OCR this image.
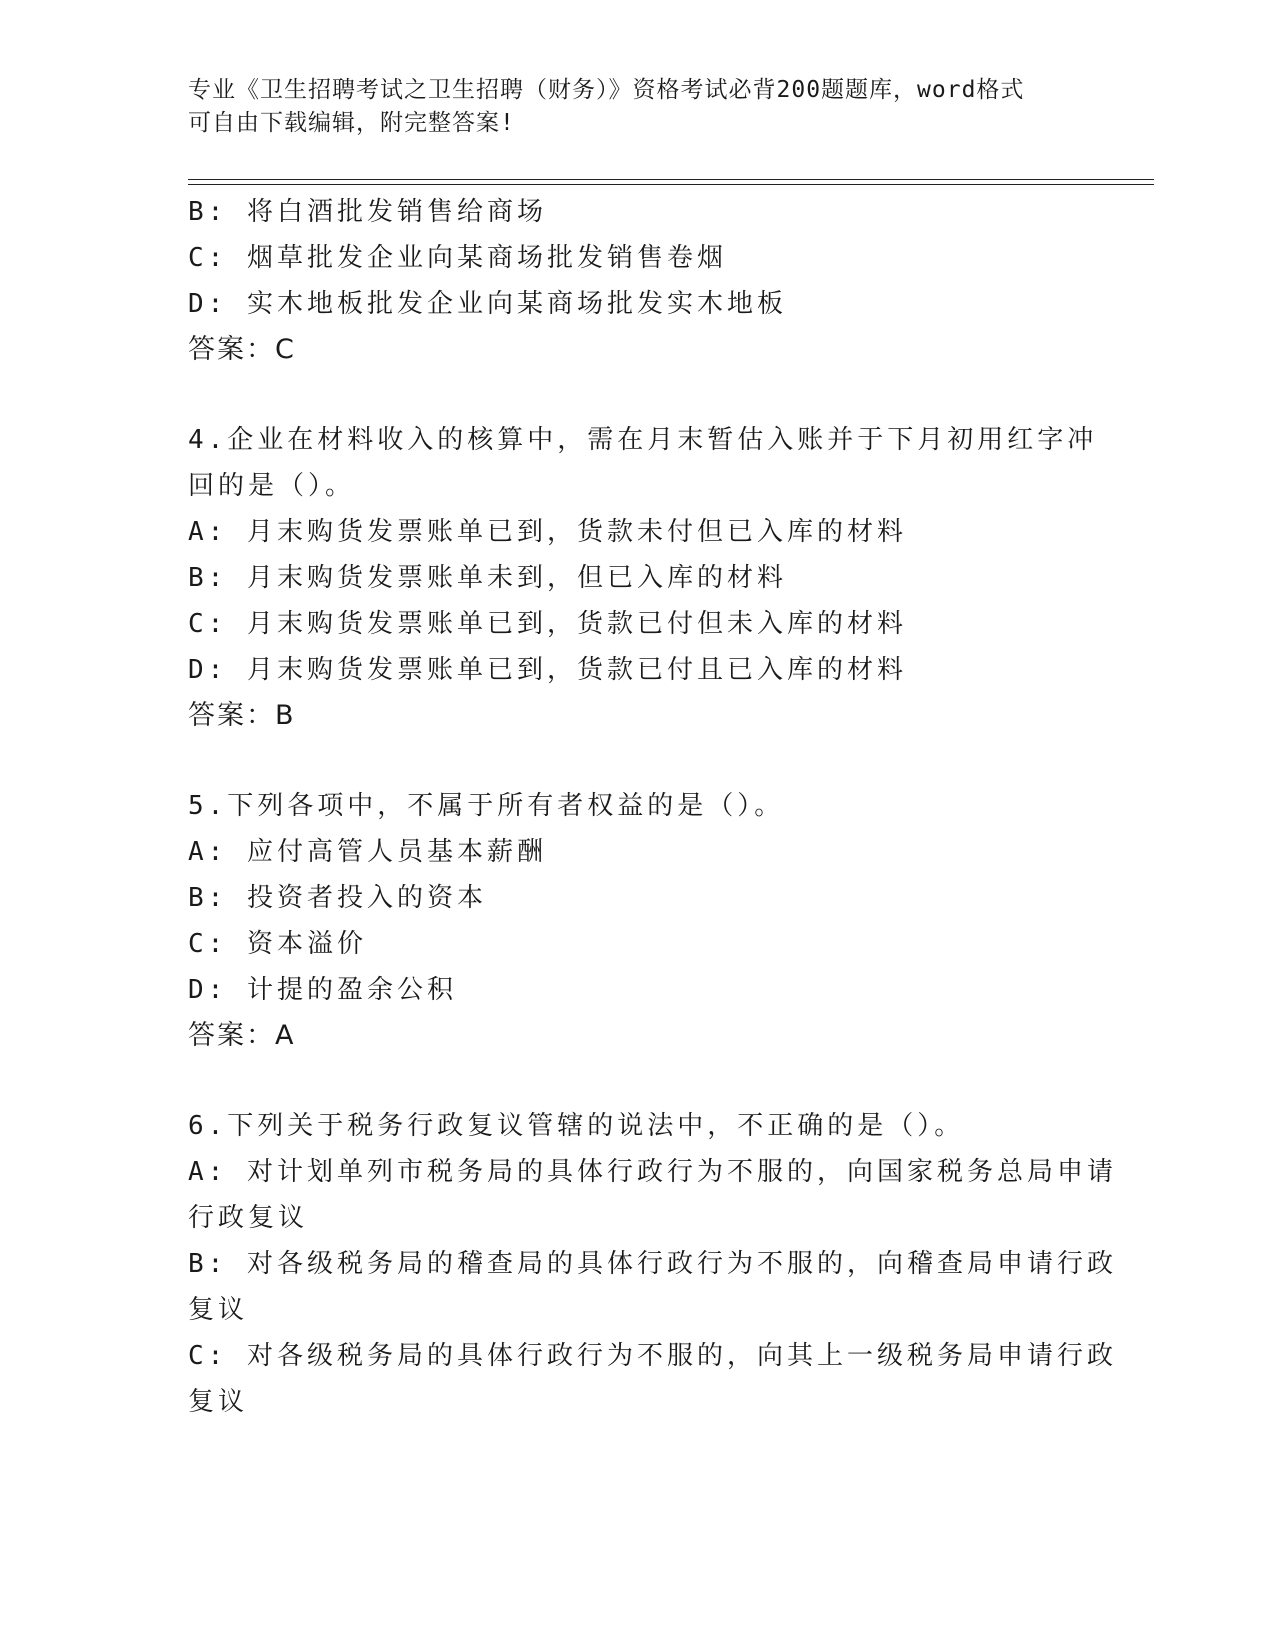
专业《卫生招聘考试之卫生招聘（财务）》资格考试必背200题题库，word格式
可自由下载编辑，附完整答案!
B: 将白酒批发销售给商场
C: 烟草批发企业向某商场批发销售卷烟
D: 实木地板批发企业向某商场批发实木地板
答案：C
4.企业在材料收入的核算中，需在月末暂估入账并于下月初用红字冲
回的是（）。
A: 月末购货发票账单已到，货款未付但已入库的材料
B: 月末购货发票账单未到，但已入库的材料
C: 月末购货发票账单已到，货款已付但未入库的材料
D: 月末购货发票账单已到，货款已付且已入库的材料
答案：B
5.下列各项中，不属于所有者权益的是（）。
A: 应付高管人员基本薪酬
B: 投资者投入的资本
C: 资本溢价
D: 计提的盈余公积
答案：A
6.下列关于税务行政复议管辖的说法中，不正确的是（）。
A: 对计划单列市税务局的具体行政行为不服的，向国家税务总局申请
行政复议
B: 对各级税务局的稽查局的具体行政行为不服的，向稽查局申请行政
复议
C: 对各级税务局的具体行政行为不服的，向其上一级税务局申请行政
复议
